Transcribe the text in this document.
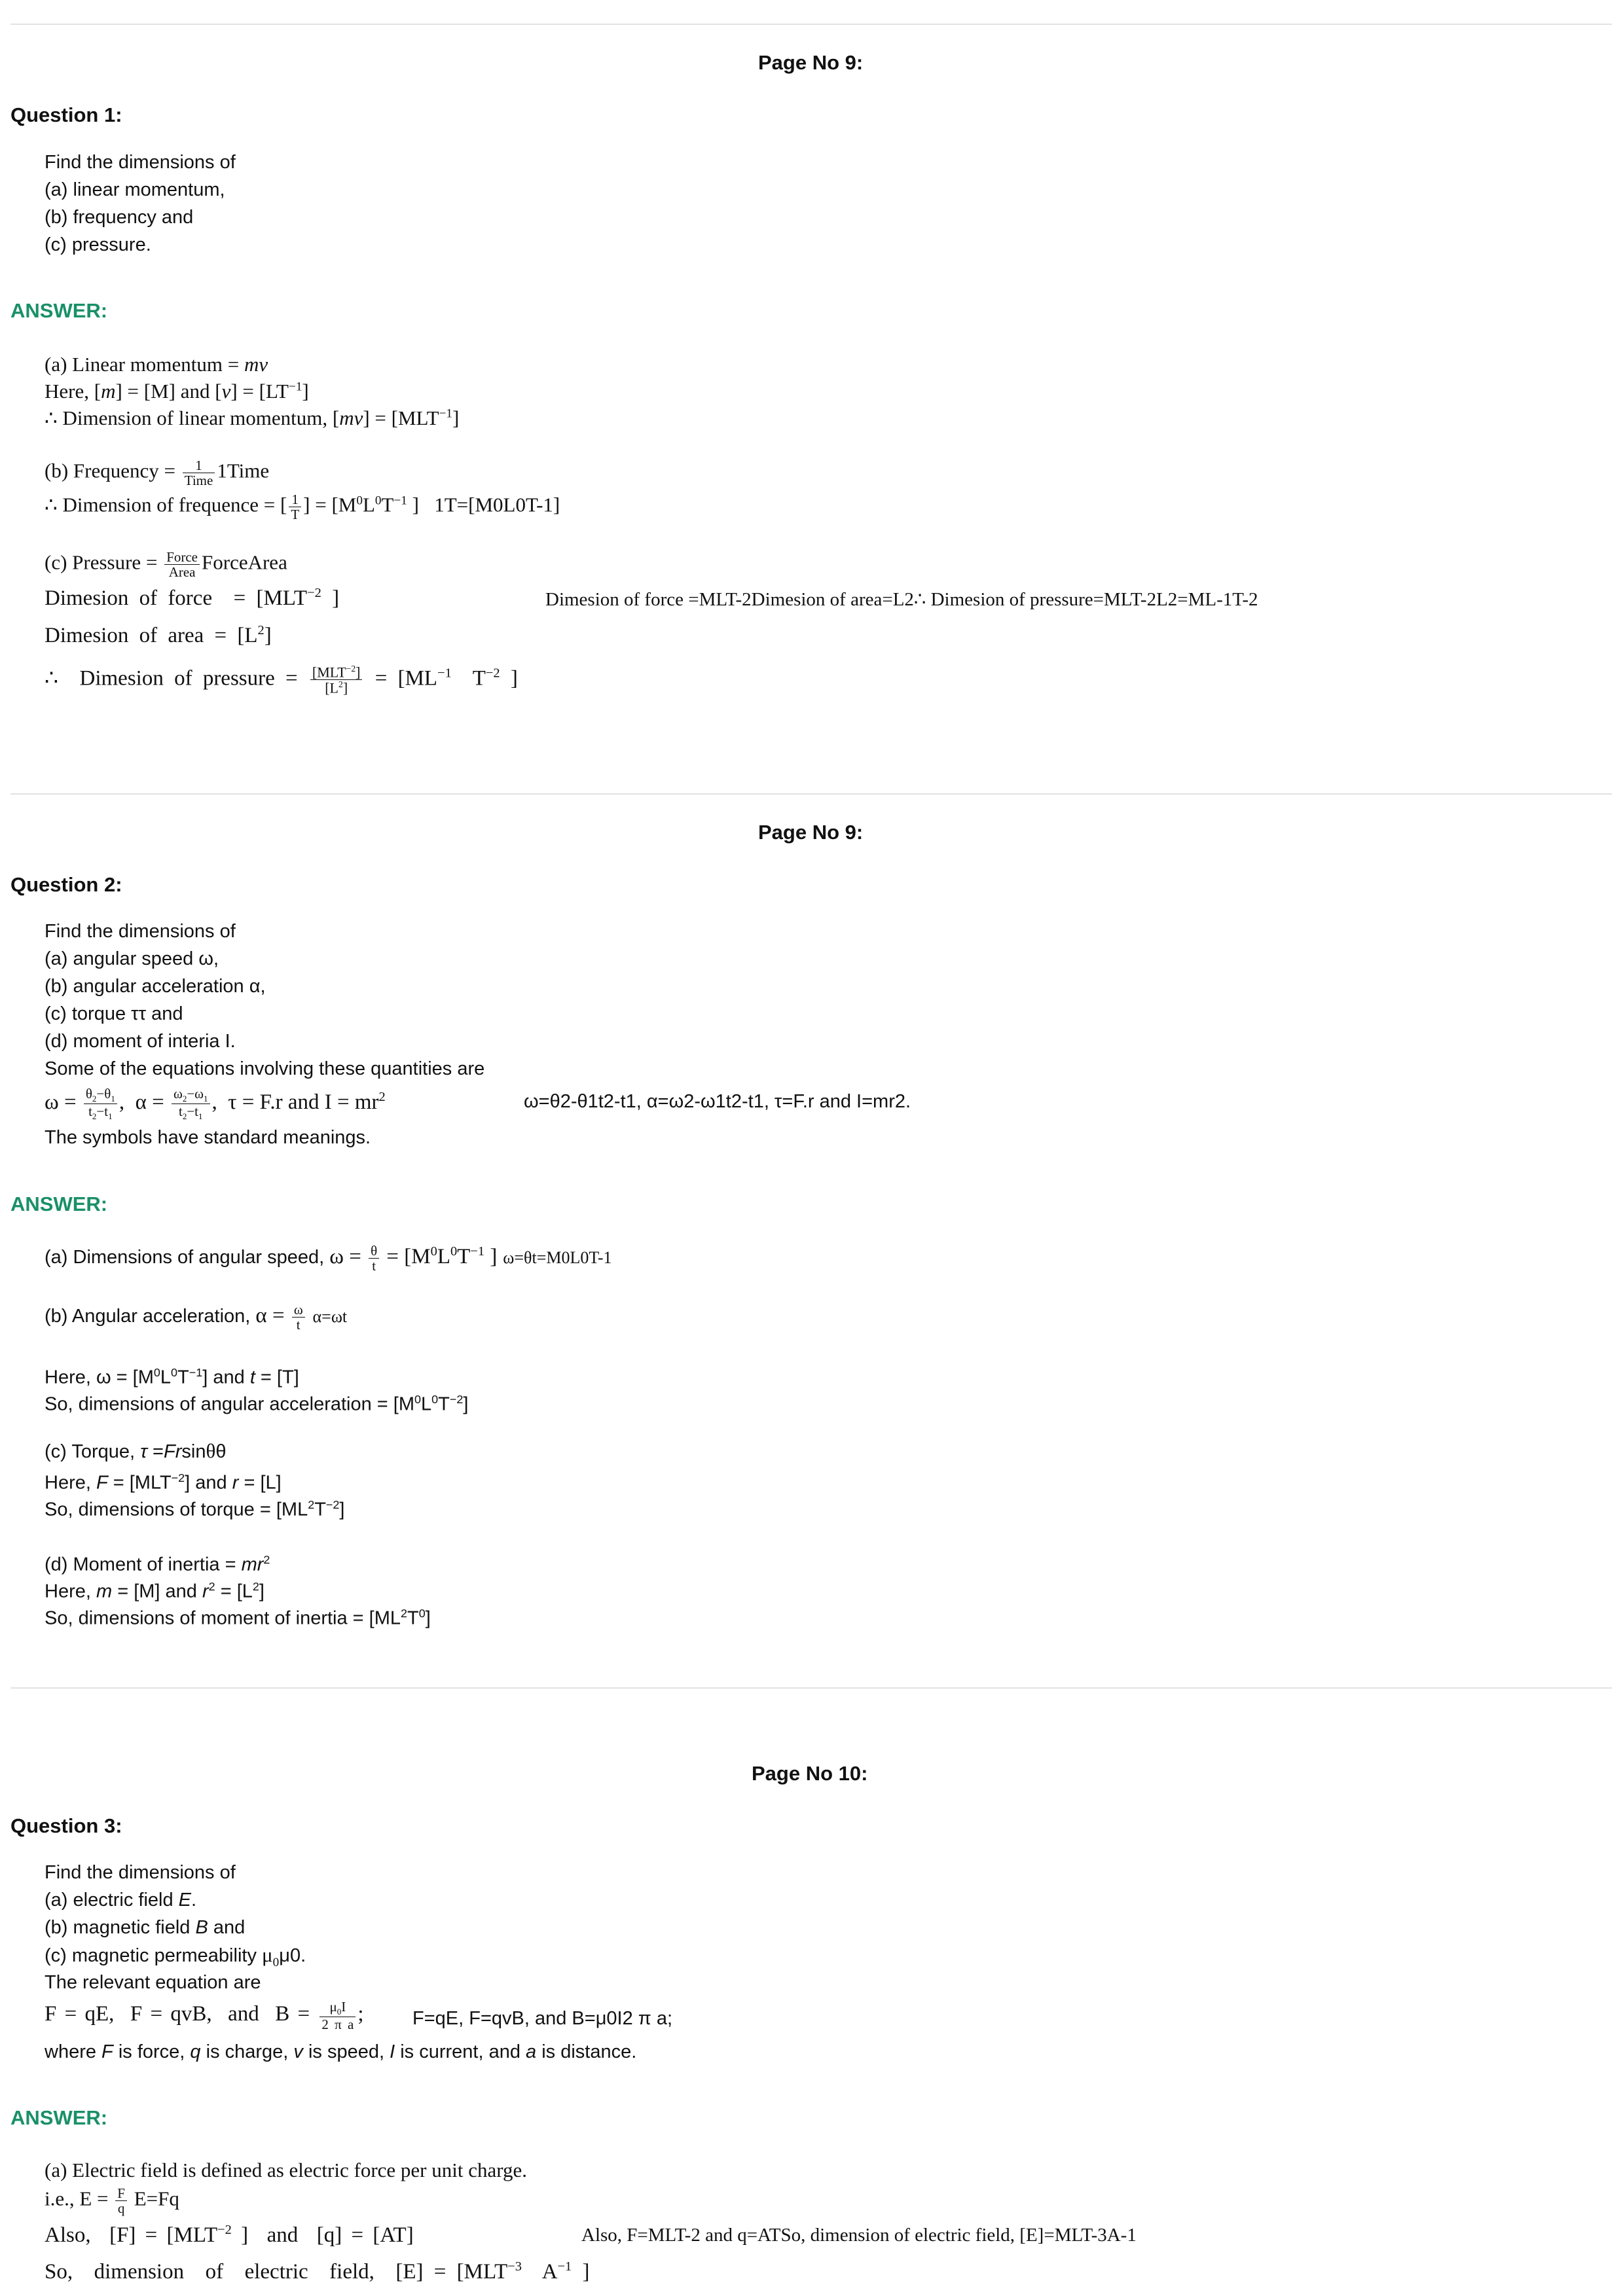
Page No 9:
Question 1:
Find the dimensions of
(a) linear momentum,
(b) frequency and
(c) pressure.
ANSWER:
(a) Linear momentum = mv
Here, [m] = [M] and $[v] = [LT^{-1}]$
∴ Dimension of linear momentum, $[mv] = [MLT^{-1}]$
(b) Frequency = $\frac{1}{\text{Time}}$ 1Time
∴ Dimension of frequence = [ $\frac{1}{T}$ ] = [$M^0L^0T^{-1}$ ]   1T=[M0L0T-1]
(c) Pressure = $\frac{\text{Force}}{\text{Area}}$ ForceArea
Dimesion of force  = [$MLT^{-2}$ ]	Dimesion of force =MLT-2Dimesion of area=L2∴ Dimesion of pressure=MLT-2L2=ML-1T-2
Dimesion of area = $[L^2]$
∴  Dimesion of pressure = $\frac{[MLT^{-2}]}{[L^2]} = [ML^{-1}$  $T^{-2}$ ]
Page No 9:
Question 2:
Find the dimensions of
(a) angular speed ω,
(b) angular acceleration α,
(c) torque ττ and
(d) moment of interia I.
Some of the equations involving these quantities are
$\omega = \frac{\theta_2-\theta_1}{t_2-t_1}$ ,  $\alpha = \frac{\omega_2-\omega_1}{t_2-t_1}$ ,  τ = F.r and $I = mr^2$	ω=θ2-θ1t2-t1, α=ω2-ω1t2-t1, τ=F.r and I=mr2.
The symbols have standard meanings.
ANSWER:
(a) Dimensions of angular speed, $\omega = \frac{\theta}{t} = [M^0L^0T^{-1}$ ] ω=θt=M0L0T-1
(b) Angular acceleration, $\alpha = \frac{\omega}{t} \alpha=\omega t$
Here, $\omega = [M^0L^0T^{-1}]$ and t = [T]
So, dimensions of angular acceleration = $[M^0L^0T^{-2}]$
(c) Torque, τ =Frsinθθ
Here, $F = [MLT^{-2}]$ and r = [L]
So, dimensions of torque = $[ML^2T^{-2}]$
(d) Moment of inertia = $mr^2$
Here, m = [M] and $r^2 = [L^2]$
So, dimensions of moment of inertia = $[ML^2T^0]$
Page No 10:
Question 3:
Find the dimensions of
(a) electric field E.
(b) magnetic field B and
(c) magnetic permeability $\mu_0\mu 0$.
The relevant equation are
F = qE,  F = qvB,  and  $B = \frac{\mu_0I}{\text{2 π a}}$ ;	F=qE, F=qvB, and B=μ0I2 π a;
where F is force, q is charge, v is speed, I is current, and a is distance.
ANSWER:
(a) Electric field is defined as electric force per unit charge.
i.e., $E = \frac{F}{q} E=Fq$
Also,  $[F] = [MLT^{-2}$ ]  and  [q] = [AT]	Also, F=MLT-2 and q=ATSo, dimension of electric field, [E]=MLT-3A-1
So,  dimension  of  electric  field,  $[E] = [MLT^{-3}$  $A^{-1}$ ]
